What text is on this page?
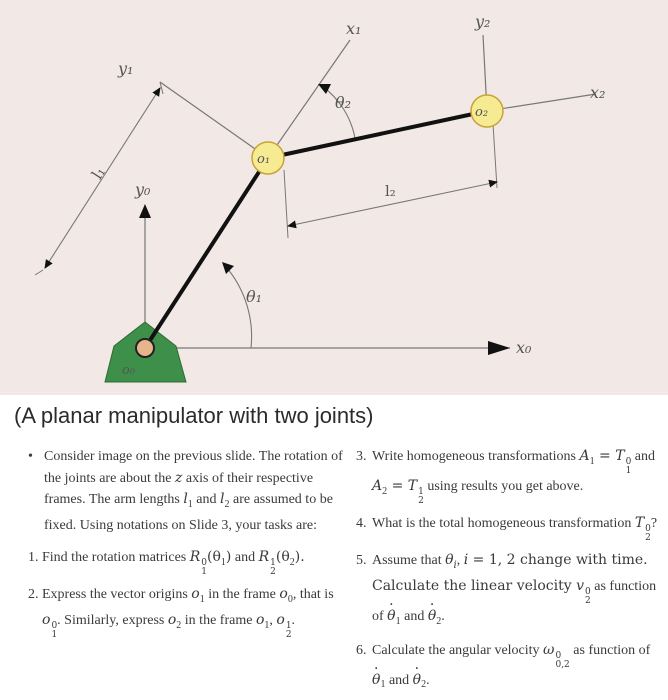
o₀
o₁
o₂
x₀
y₀
x₁
y₁
x₂
y₂
θ₁
θ₂
l₁
l₂
(A planar manipulator with two joints)
• Consider image on the previous slide. The rotation of the joints are about the z axis of their respective frames. The arm lengths $l_1$ and $l_2$ are assumed to be fixed. Using notations on Slide 3, your tasks are:
1. Find the rotation matrices R 0
1
$(\theta_1)$ and R 1
2
$(\theta_2)$.
2. Express the vector origins $o_1$ in the frame $o_0$, that is o 0
1
. Similarly, express $o_2$ in the frame $o_1$, o 1
2
.
3. Write homogeneous transformations $A_1 = T$ 0
1
and $A_2 = T$ 1
2
using results you get above.
4. What is the total homogeneous transformation T 0
2
?
5. Assume that $\theta_i$, i = 1, 2 change with time. Calculate the linear velocity v 0
2
as function of · $\theta_1$ and · $\theta_2$.
6. Calculate the angular velocity ω 0
0,2
as function of · $\theta_1$ and · $\theta_2$.
